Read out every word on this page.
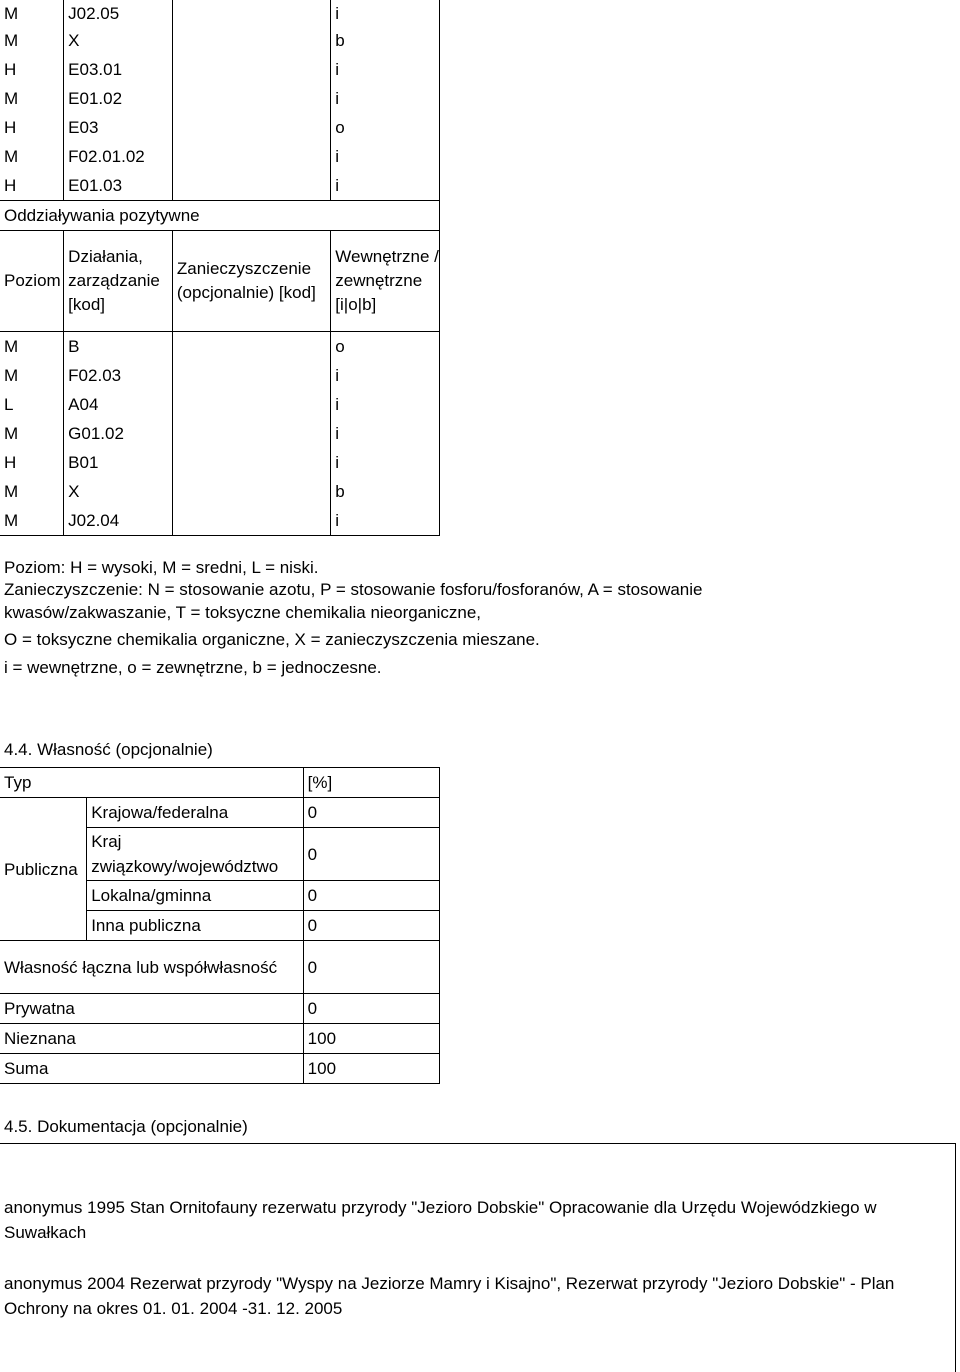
M	J02.05		i
M	X		b
H	E03.01		i
M	E01.02		i
H	E03		o
M	F02.01.02		i
H	E01.03		i
Oddziaływania pozytywne			
Poziom	Działania, zarządzanie [kod]	Zanieczyszczenie (opcjonalnie) [kod]	Wewnętrzne / zewnętrzne [i|o|b]
M	B		o
M	F02.03		i
L	A04		i
M	G01.02		i
H	B01		i
M	X		b
M	J02.04		i
Poziom: H = wysoki, M = sredni, L = niski.
Zanieczyszczenie: N = stosowanie azotu, P = stosowanie fosforu/fosforanów, A = stosowanie
kwasów/zakwaszanie, T = toksyczne chemikalia nieorganiczne,
O = toksyczne chemikalia organiczne, X = zanieczyszczenia mieszane.
i = wewnętrzne, o = zewnętrzne, b = jednoczesne.
4.4. Własność (opcjonalnie)
Typ		[%]
Publiczna	Krajowa/federalna	0
	Kraj związkowy/województwo	0
	Lokalna/gminna	0
	Inna publiczna	0
Własność łączna lub współwłasność		0
Prywatna		0
Nieznana		100
Suma		100
4.5. Dokumentacja (opcjonalnie)
anonymus 1995 Stan Ornitofauny rezerwatu przyrody "Jezioro Dobskie" Opracowanie dla Urzędu Wojewódzkiego w Suwałkach
anonymus 2004 Rezerwat przyrody "Wyspy na Jeziorze Mamry i Kisajno", Rezerwat przyrody "Jezioro Dobskie" - Plan Ochrony na okres 01. 01. 2004 -31. 12. 2005
